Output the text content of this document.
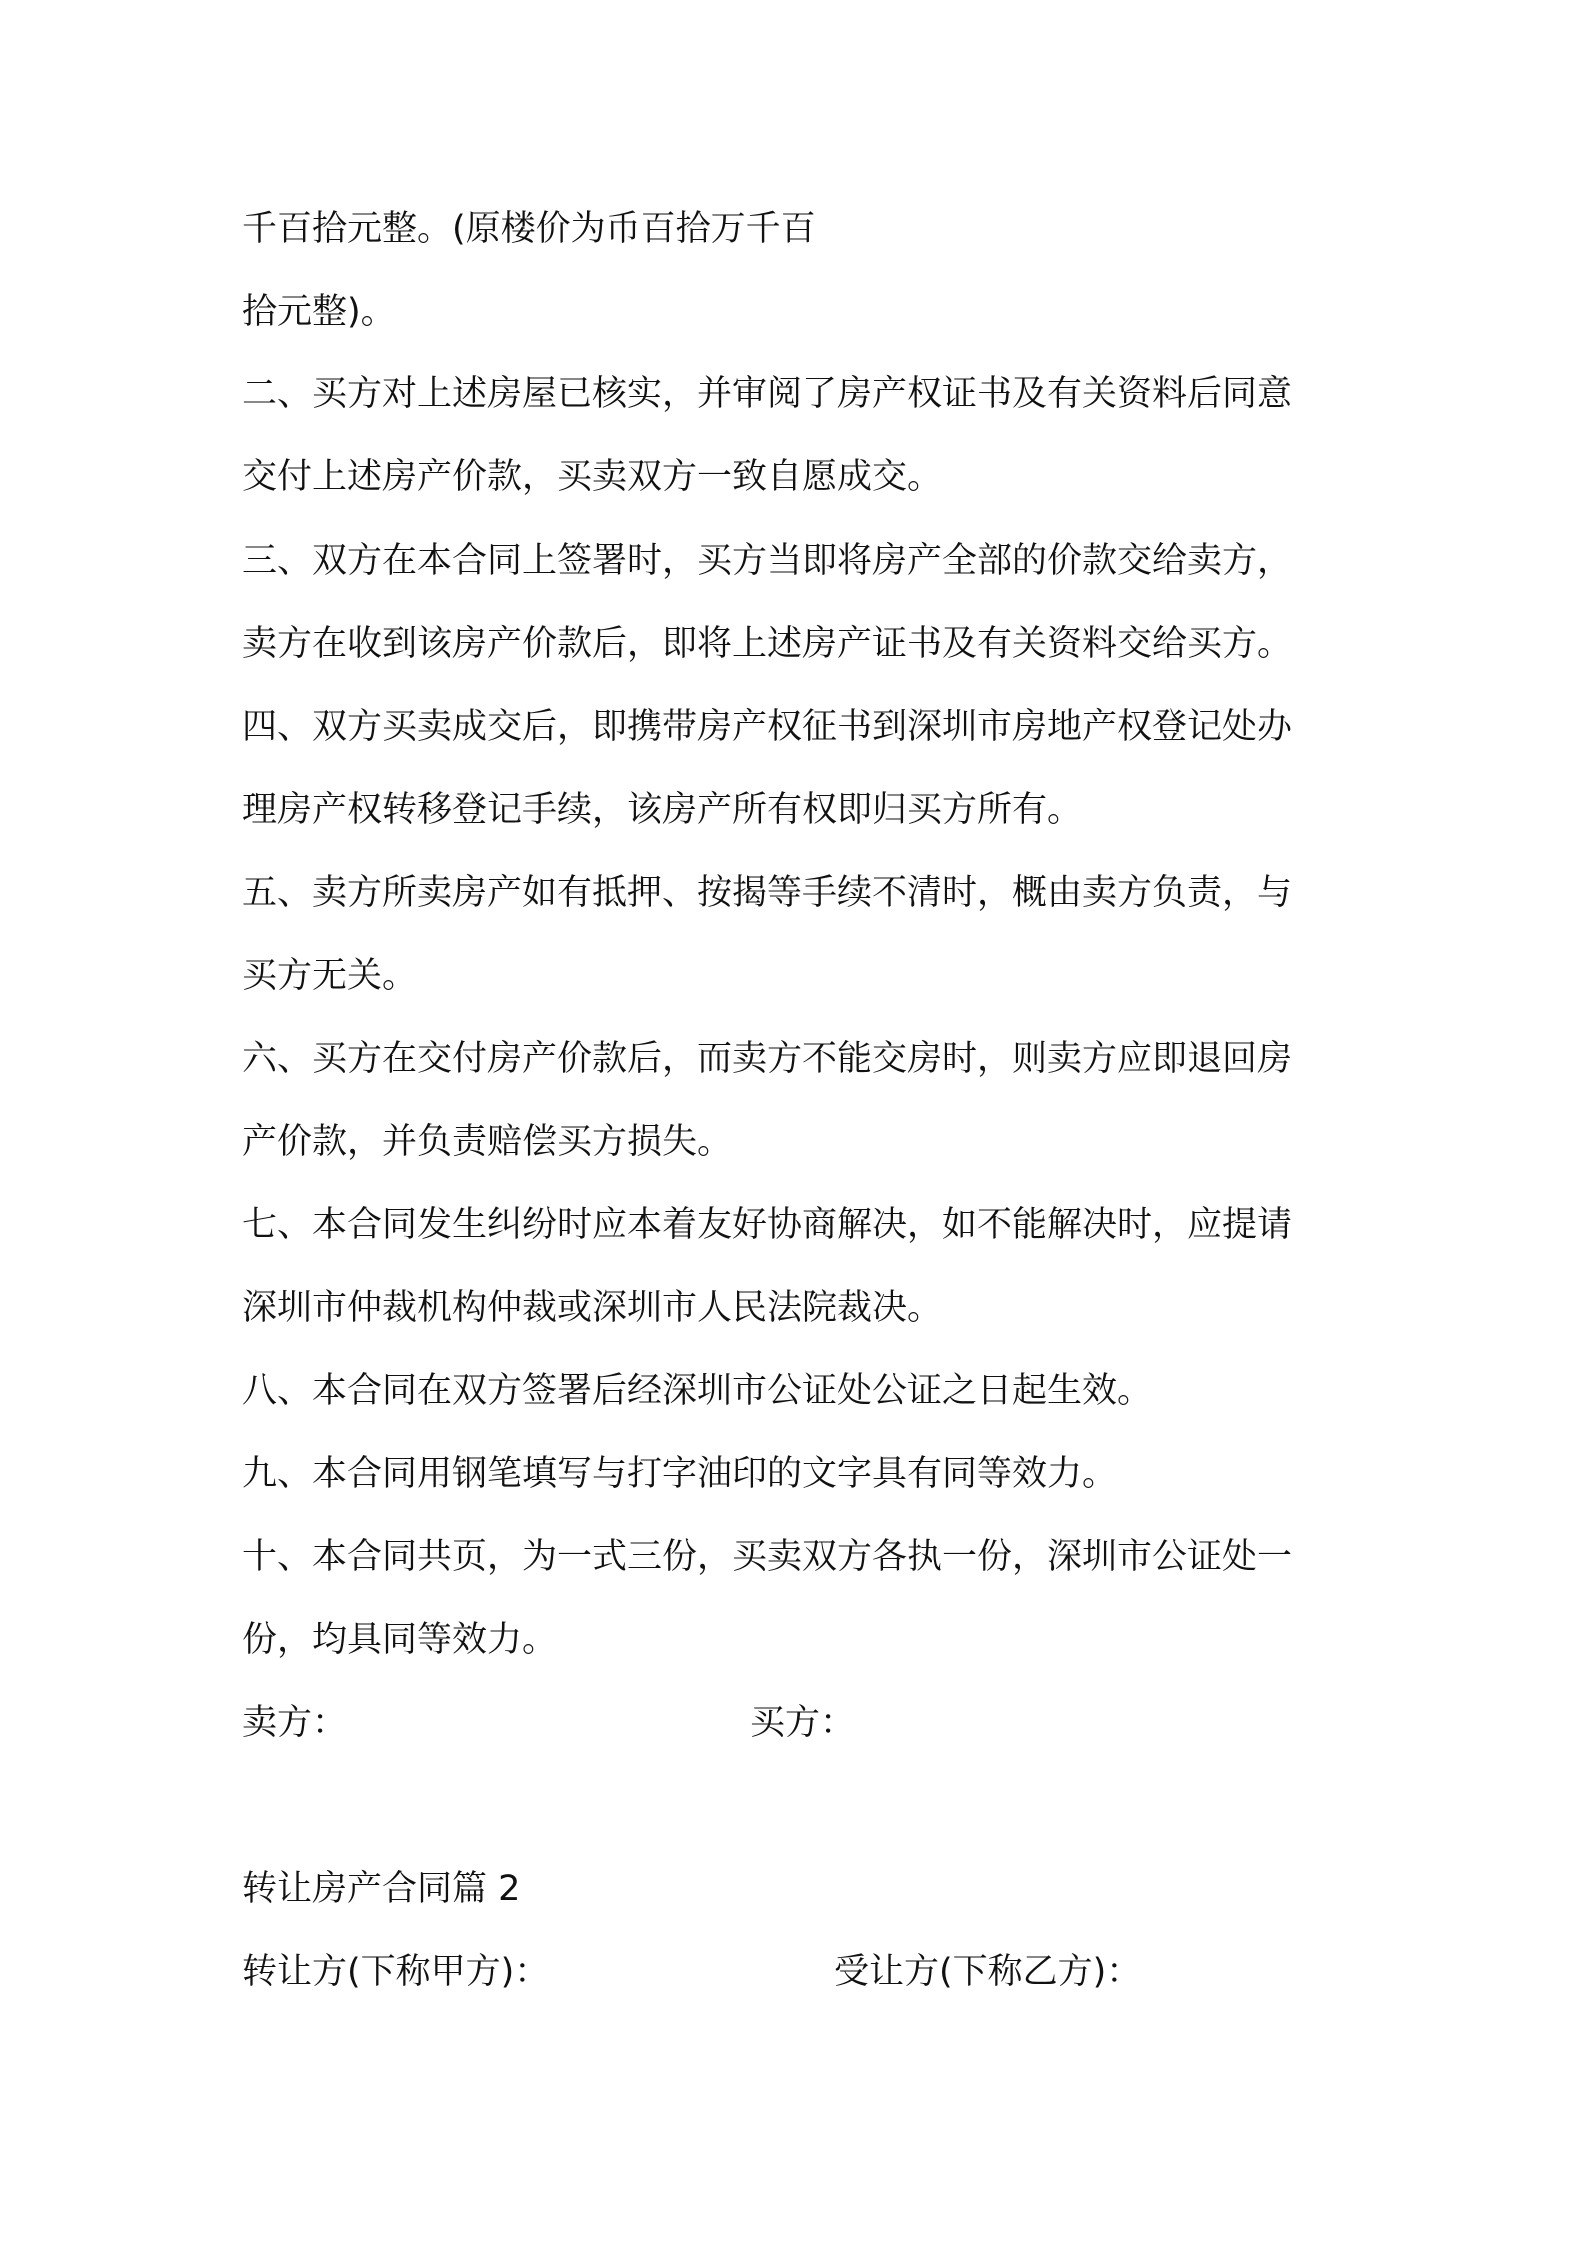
千百拾元整。(原楼价为币百拾万千百
拾元整)。
二、买方对上述房屋已核实，并审阅了房产权证书及有关资料后同意
交付上述房产价款，买卖双方一致自愿成交。
三、双方在本合同上签署时，买方当即将房产全部的价款交给卖方，
卖方在收到该房产价款后，即将上述房产证书及有关资料交给买方。
四、双方买卖成交后，即携带房产权征书到深圳市房地产权登记处办
理房产权转移登记手续，该房产所有权即归买方所有。
五、卖方所卖房产如有抵押、按揭等手续不清时，概由卖方负责，与
买方无关。
六、买方在交付房产价款后，而卖方不能交房时，则卖方应即退回房
产价款，并负责赔偿买方损失。
七、本合同发生纠纷时应本着友好协商解决，如不能解决时，应提请
深圳市仲裁机构仲裁或深圳市人民法院裁决。
八、本合同在双方签署后经深圳市公证处公证之日起生效。
九、本合同用钢笔填写与打字油印的文字具有同等效力。
十、本合同共页，为一式三份，买卖双方各执一份，深圳市公证处一
份，均具同等效力。
卖方：	买方：
转让房产合同篇 2
转让方(下称甲方)：	受让方(下称乙方)：
